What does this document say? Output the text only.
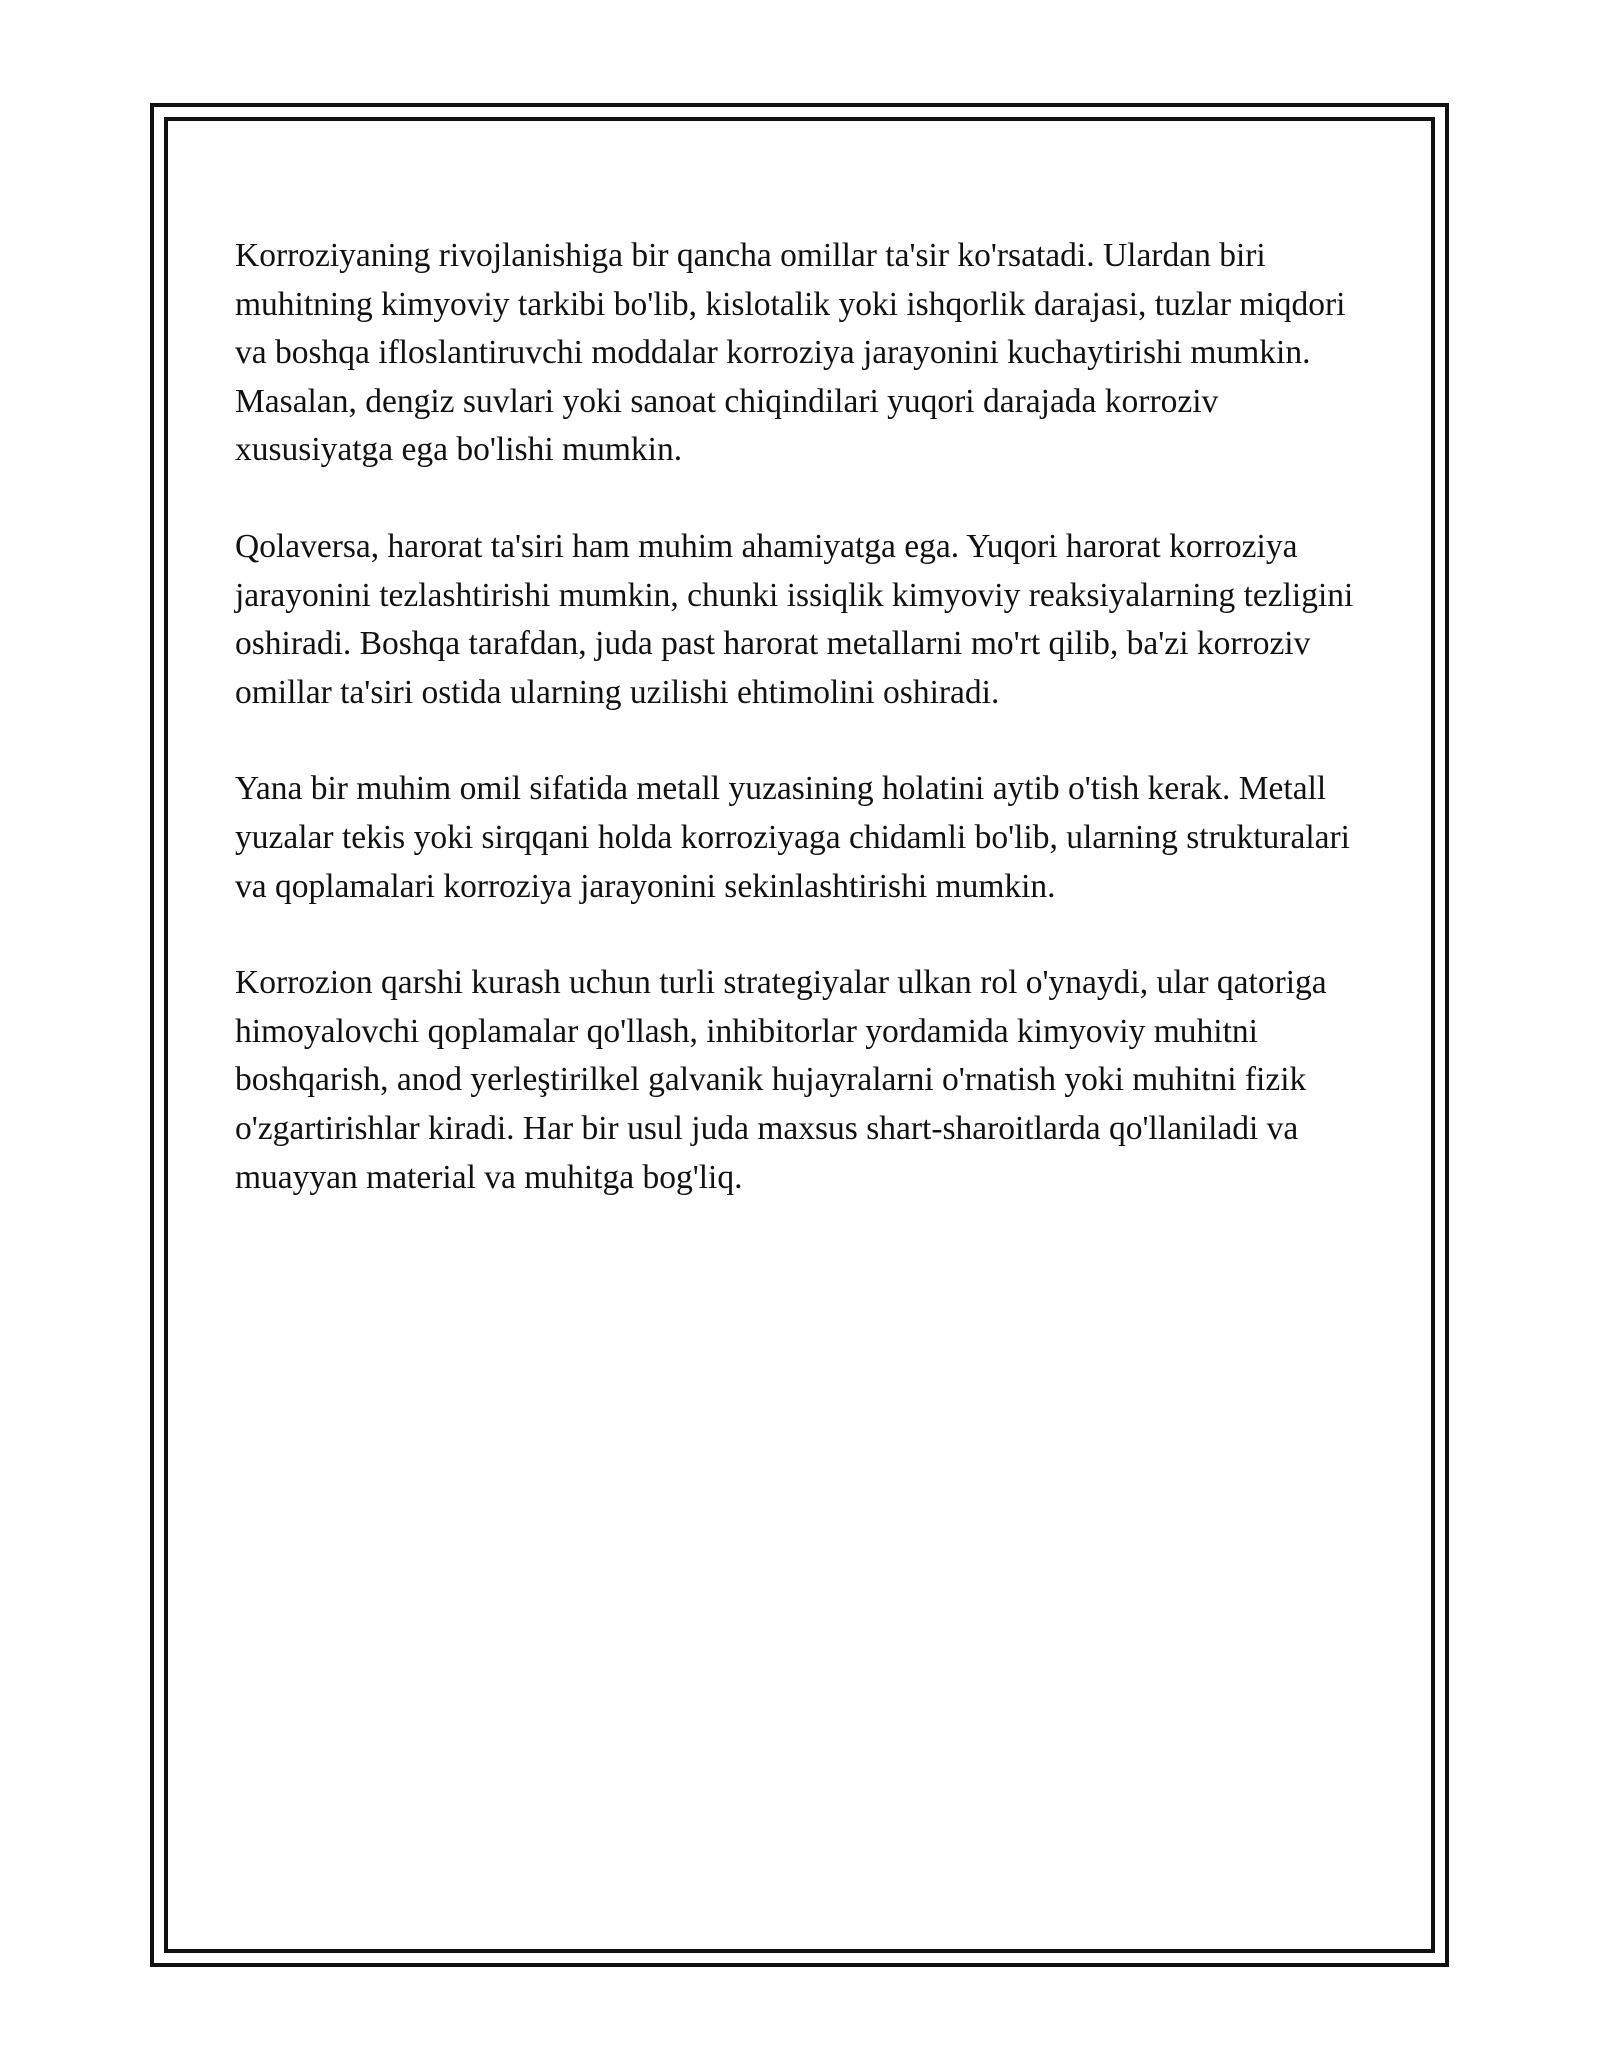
Korroziyaning rivojlanishiga bir qancha omillar ta'sir ko'rsatadi. Ulardan biri muhitning kimyoviy tarkibi bo'lib, kislotalik yoki ishqorlik darajasi, tuzlar miqdori va boshqa ifloslantiruvchi moddalar korroziya jarayonini kuchaytirishi mumkin. Masalan, dengiz suvlari yoki sanoat chiqindilari yuqori darajada korroziv xususiyatga ega bo'lishi mumkin.

Qolaversa, harorat ta'siri ham muhim ahamiyatga ega. Yuqori harorat korroziya jarayonini tezlashtirishi mumkin, chunki issiqlik kimyoviy reaksiyalarning tezligini oshiradi. Boshqa tarafdan, juda past harorat metallarni mo'rt qilib, ba'zi korroziv omillar ta'siri ostida ularning uzilishi ehtimolini oshiradi.

Yana bir muhim omil sifatida metall yuzasining holatini aytib o'tish kerak. Metall yuzalar tekis yoki sirqqani holda korroziyaga chidamli bo'lib, ularning strukturalari va qoplamalari korroziya jarayonini sekinlashtirishi mumkin.

Korrozion qarshi kurash uchun turli strategiyalar ulkan rol o'ynaydi, ular qatoriga himoyalovchi qoplamalar qo'llash, inhibitorlar yordamida kimyoviy muhitni boshqarish, anod yerleştirilkel galvanik hujayralarni o'rnatish yoki muhitni fizik o'zgartirishlar kiradi. Har bir usul juda maxsus shart-sharoitlarda qo'llaniladi va muayyan material va muhitga bog'liq.
